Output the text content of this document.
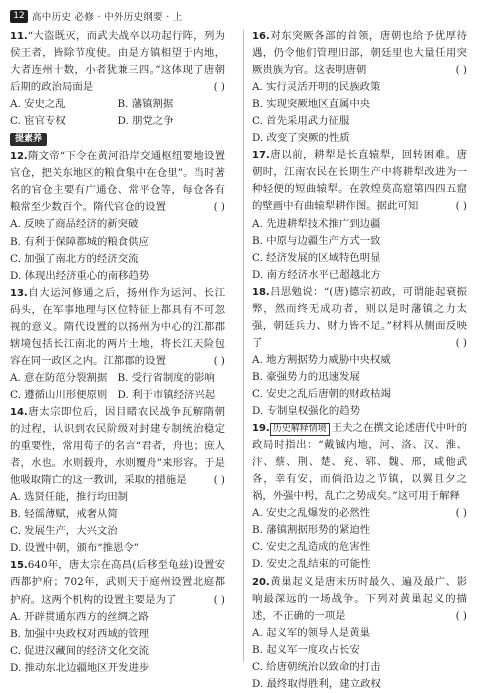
12 高中历史 必修 · 中外历史纲要 · 上

11.“大盗既灭，而武夫战卒以功起行阵，列为侯王者，皆除节度使。由是方镇相望于内地，大者连州十数，小者犹兼三四。”这体现了唐朝后期的政治局面是	( )

A. 安史之乱	B. 藩镇割据

C. 宦官专权	D. 朋党之争

提素养

12.隋文帝“下令在黄河沿岸交通枢纽要地设置官仓，把关东地区的粮食集中在仓里”。当时著名的官仓主要有广通仓、常平仓等，每仓各有粮常至少数百个。隋代官仓的设置	( )

A. 反映了商品经济的新突破

B. 有利于保障都城的粮食供应

C. 加强了南北方的经济交流

D. 体现出经济重心的南移趋势

13.自大运河修通之后，扬州作为运河、长江码头，在军事地理与区位特征上都具有不可忽视的意义。隋代设置的以扬州为中心的江都郡辖境包括长江南北的两片土地，将长江天险包容在同一政区之内。江都郡的设置	( )

A. 意在防范分裂割据 B. 受行省制度的影响

C. 遵循山川形便原则 D. 利于市镇经济兴起

14.唐太宗即位后，因目睹农民战争瓦解隋朝的过程，认识到农民阶级对封建专制统治稳定的重要性，常用荀子的名言“君者，舟也；庶人者，水也。水则载舟，水则覆舟”来形容。于是他吸取隋亡的这一教训，采取的措施是	( )

A. 选贤任能，推行均田制

B. 轻徭薄赋，戒奢从简

C. 发展生产，大兴文治

D. 设置中朝，颁布“推恩令”

15.640年，唐太宗在高昌(后移至龟兹)设置安西都护府；702年，武则天于庭州设置北庭都护府。这两个机构的设置主要是为了	( )

A. 开辟贯通东西方的丝绸之路

B. 加强中央政权对西域的管理

C. 促进汉藏间的经济文化交流

D. 推动东北边疆地区开发进步

16.对东突厥各部的首领，唐朝也给予优厚待遇，仍令他们管理旧部，朝廷里也大量任用突厥贵族为官。这表明唐朝	( )

A. 实行灵活开明的民族政策

B. 实现突厥地区直属中央

C. 首先采用武力征服

D. 改变了突厥的性质

17.唐以前，耕犁是长直辕犁，回转困难。唐朝时，江南农民在长期生产中将耕犁改进为一种轻便的短曲辕犁。在敦煌莫高窟第四四五窟的壁画中有曲辕犁耕作图。据此可知	( )

A. 先进耕犁技术推广到边疆

B. 中原与边疆生产方式一致

C. 经济发展的区域特色明显

D. 南方经济水平已超越北方

18.吕思勉说：“(唐)德宗初政，可谓能起衰振弊，然而终无成功者，则以是时藩镇之力太强，朝廷兵力、财力皆不足。”材料从侧面反映了	( )

A. 地方割据势力威胁中央权威

B. 豪强势力的迅速发展

C. 安史之乱后唐朝的财政枯竭

D. 专制皇权强化的趋势

19. 历史解释情境 王夫之在撰文论述唐代中叶的政局时指出：“戴铖内地，河、洛、汉、淮、汴、蔡、荆、楚、兖、郓、魏、邢，咸他武各，幸有安，而倘沿边之节镇，以翼且夕之祸，外强中枵，乱亡之势成矣。”这可用于解释
( )

A. 安史之乱爆发的必然性

B. 藩镇割据形势的紧迫性

C. 安史之乱造成的危害性

D. 安史之乱结束的可能性

20.黄巢起义是唐末历时最久、遍及最广、影响最深远的一场战争。下列对黄巢起义的描述，不正确的一项是	( )

A. 起义军的领导人是黄巢

B. 起义军一度攻占长安

C. 给唐朝统治以致命的打击

D. 最终取得胜利，建立政权
